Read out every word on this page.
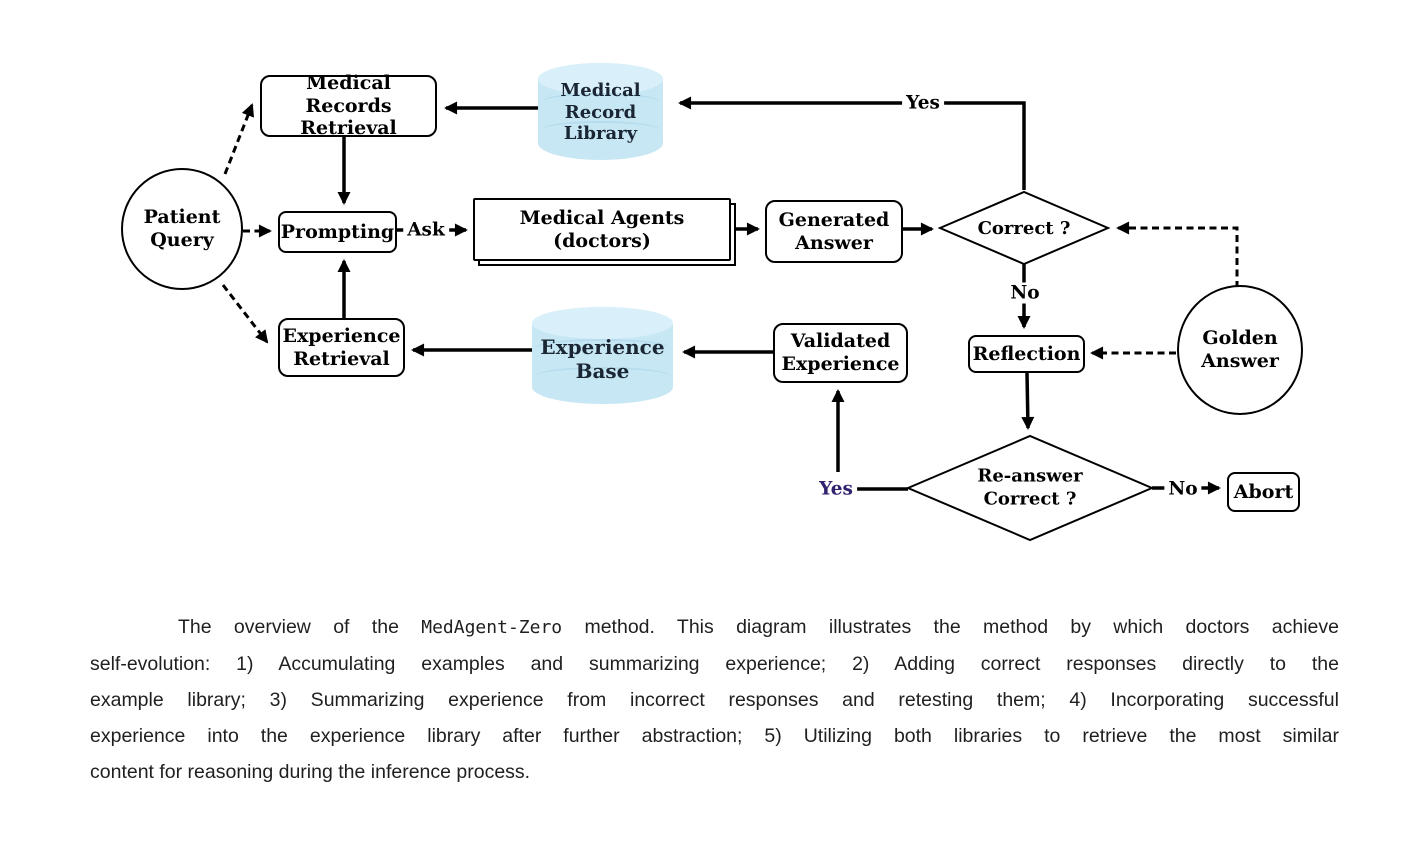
Patient
Query
Medical Records
Retrieval
Prompting
Experience
Retrieval
Medical
Record
Library
Medical Agents
(doctors)
Generated
Answer
Golden
Answer
Reflection
Abort
Validated
Experience
Experience
Base
Correct ?
Re-answer
Correct ?
Ask
Yes
No
Yes	No
The overview of the MedAgent-Zero method. This diagram illustrates the method by which doctors achieve
self-evolution: 1) Accumulating examples and summarizing experience; 2) Adding correct responses directly to the
example library; 3) Summarizing experience from incorrect responses and retesting them; 4) Incorporating successful
experience into the experience library after further abstraction; 5) Utilizing both libraries to retrieve the most similar
content for reasoning during the inference process.
